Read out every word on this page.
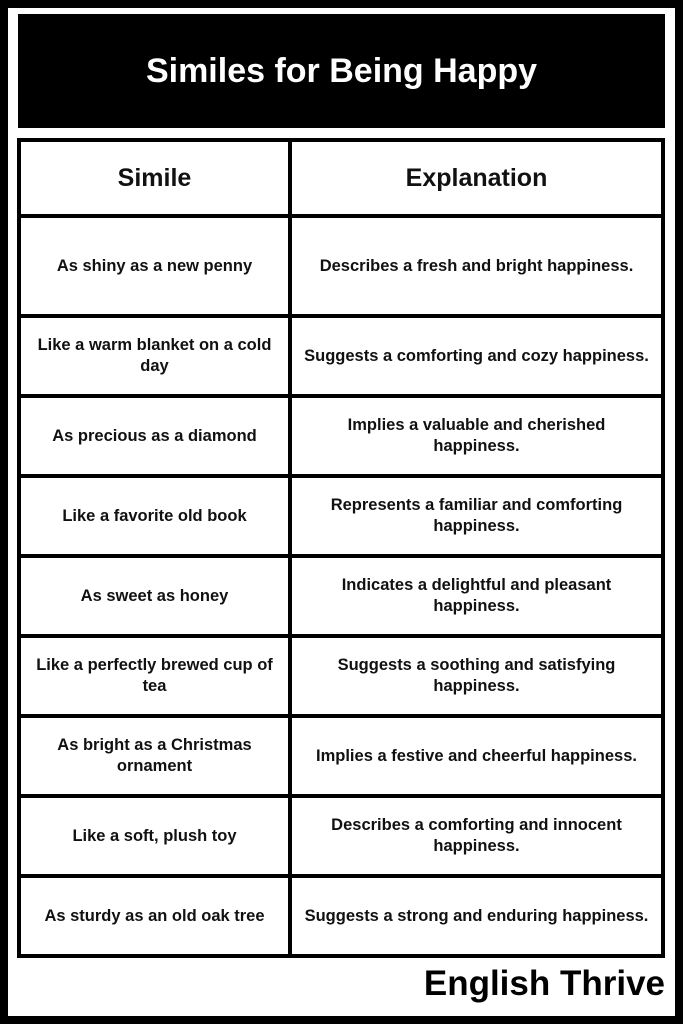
Similes for Being Happy
Simile	Explanation
As shiny as a new penny	Describes a fresh and bright happiness.
Like a warm blanket on a cold day	Suggests a comforting and cozy happiness.
As precious as a diamond	Implies a valuable and cherished happiness.
Like a favorite old book	Represents a familiar and comforting happiness.
As sweet as honey	Indicates a delightful and pleasant happiness.
Like a perfectly brewed cup of tea	Suggests a soothing and satisfying happiness.
As bright as a Christmas ornament	Implies a festive and cheerful happiness.
Like a soft, plush toy	Describes a comforting and innocent happiness.
As sturdy as an old oak tree	Suggests a strong and enduring happiness.
English Thrive
